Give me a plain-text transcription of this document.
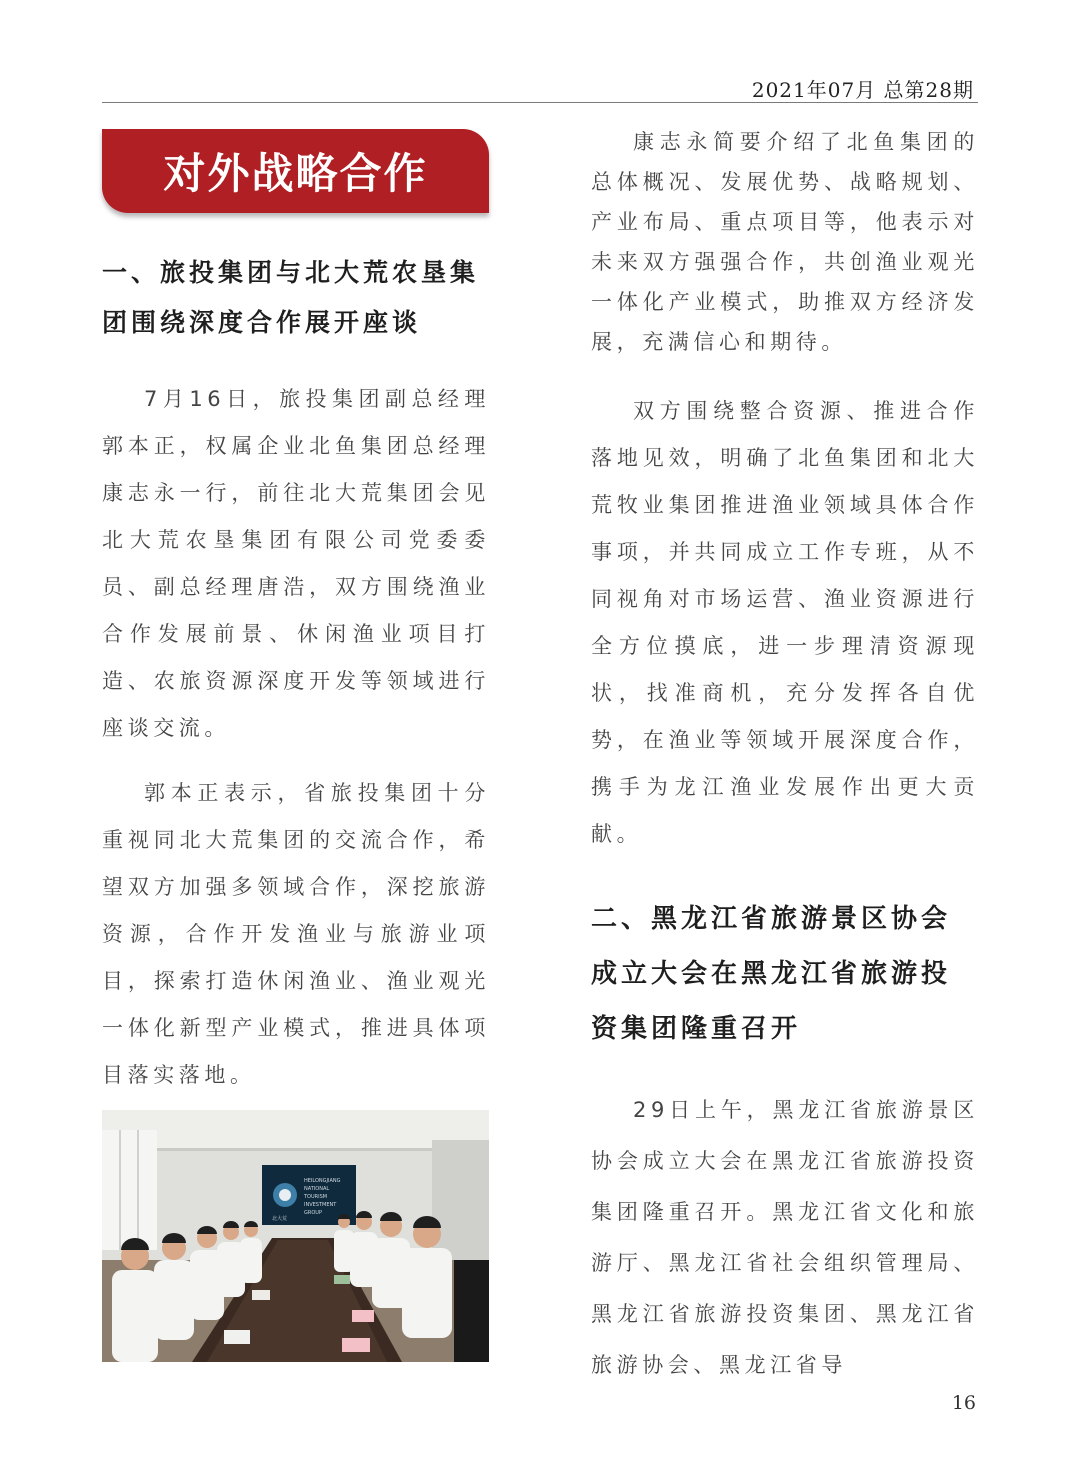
2021年07月 总第28期
对外战略合作
一、旅投集团与北大荒农垦集团围绕深度合作展开座谈

7月16日，旅投集团副总经理郭本正，权属企业北鱼集团总经理康志永一行，前往北大荒集团会见北大荒农垦集团有限公司党委委员、副总经理唐浩，双方围绕渔业合作发展前景、休闲渔业项目打造、农旅资源深度开发等领域进行座谈交流。

郭本正表示，省旅投集团十分重视同北大荒集团的交流合作，希望双方加强多领域合作，深挖旅游资源，合作开发渔业与旅游业项目，探索打造休闲渔业、渔业观光一体化新型产业模式，推进具体项目落实落地。

康志永简要介绍了北鱼集团的总体概况、发展优势、战略规划、产业布局、重点项目等，他表示对未来双方强强合作，共创渔业观光一体化产业模式，助推双方经济发展，充满信心和期待。

双方围绕整合资源、推进合作落地见效，明确了北鱼集团和北大荒牧业集团推进渔业领域具体合作事项，并共同成立工作专班，从不同视角对市场运营、渔业资源进行全方位摸底，进一步理清资源现状，找准商机，充分发挥各自优势，在渔业等领域开展深度合作，携手为龙江渔业发展作出更大贡献。

二、黑龙江省旅游景区协会成立大会在黑龙江省旅游投资集团隆重召开

29日上午，黑龙江省旅游景区协会成立大会在黑龙江省旅游投资集团隆重召开。黑龙江省文化和旅游厅、黑龙江省社会组织管理局、黑龙江省旅游投资集团、黑龙江省旅游协会、黑龙江省导

HEILONGJIANG
NATIONAL
TOURISM
INVESTMENT
GROUP
北大荒
16
